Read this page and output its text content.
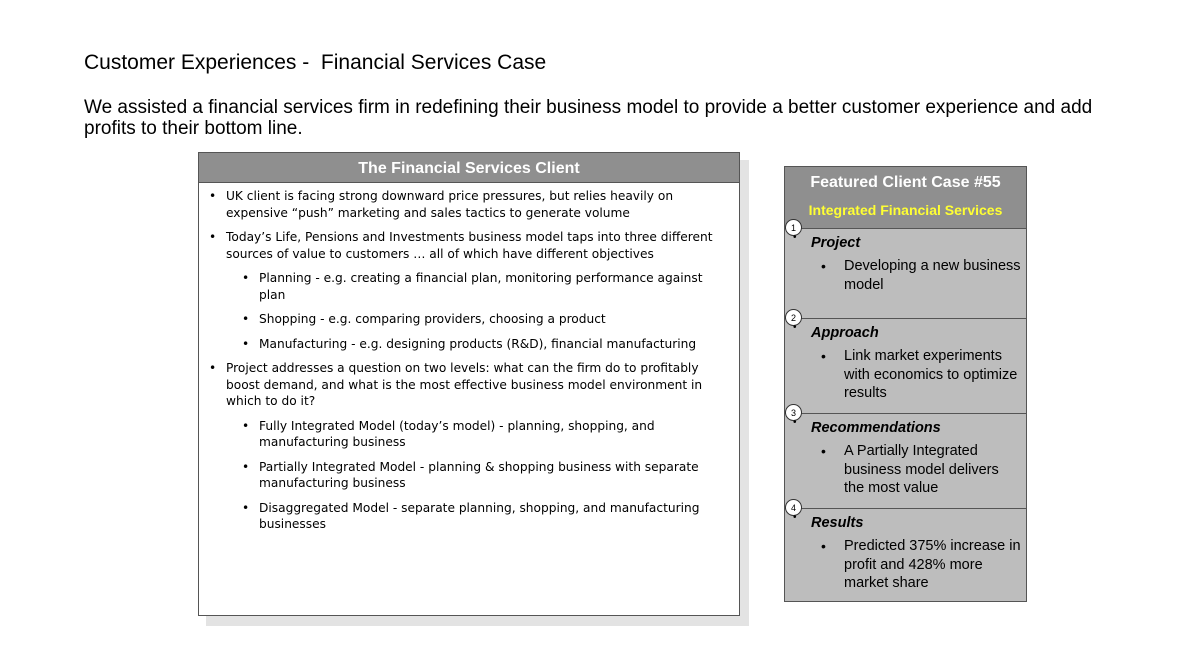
Customer Experiences -  Financial Services Case
We assisted a financial services firm in redefining their business model to provide a better customer experience and add profits to their bottom line.
The Financial Services Client
• UK client is facing strong downward price pressures, but relies heavily on expensive “push” marketing and sales tactics to generate volume
• Today’s Life, Pensions and Investments business model taps into three different sources of value to customers … all of which have different objectives
• Planning - e.g. creating a financial plan, monitoring performance against plan
• Shopping - e.g. comparing providers, choosing a product
• Manufacturing - e.g. designing products (R&D), financial manufacturing
• Project addresses a question on two levels: what can the firm do to profitably boost demand, and what is the most effective business model environment in which to do it?
• Fully Integrated Model (today’s model) - planning, shopping, and manufacturing business
• Partially Integrated Model - planning & shopping business with separate manufacturing business
• Disaggregated Model - separate planning, shopping, and manufacturing businesses
Featured Client Case #55
Integrated Financial Services
1
• Project
• Developing a new business model
2
• Approach
• Link market experiments with economics to optimize results
3
• Recommendations
• A Partially Integrated business model delivers the most value
4
• Results
• Predicted 375% increase in profit and 428% more market share
